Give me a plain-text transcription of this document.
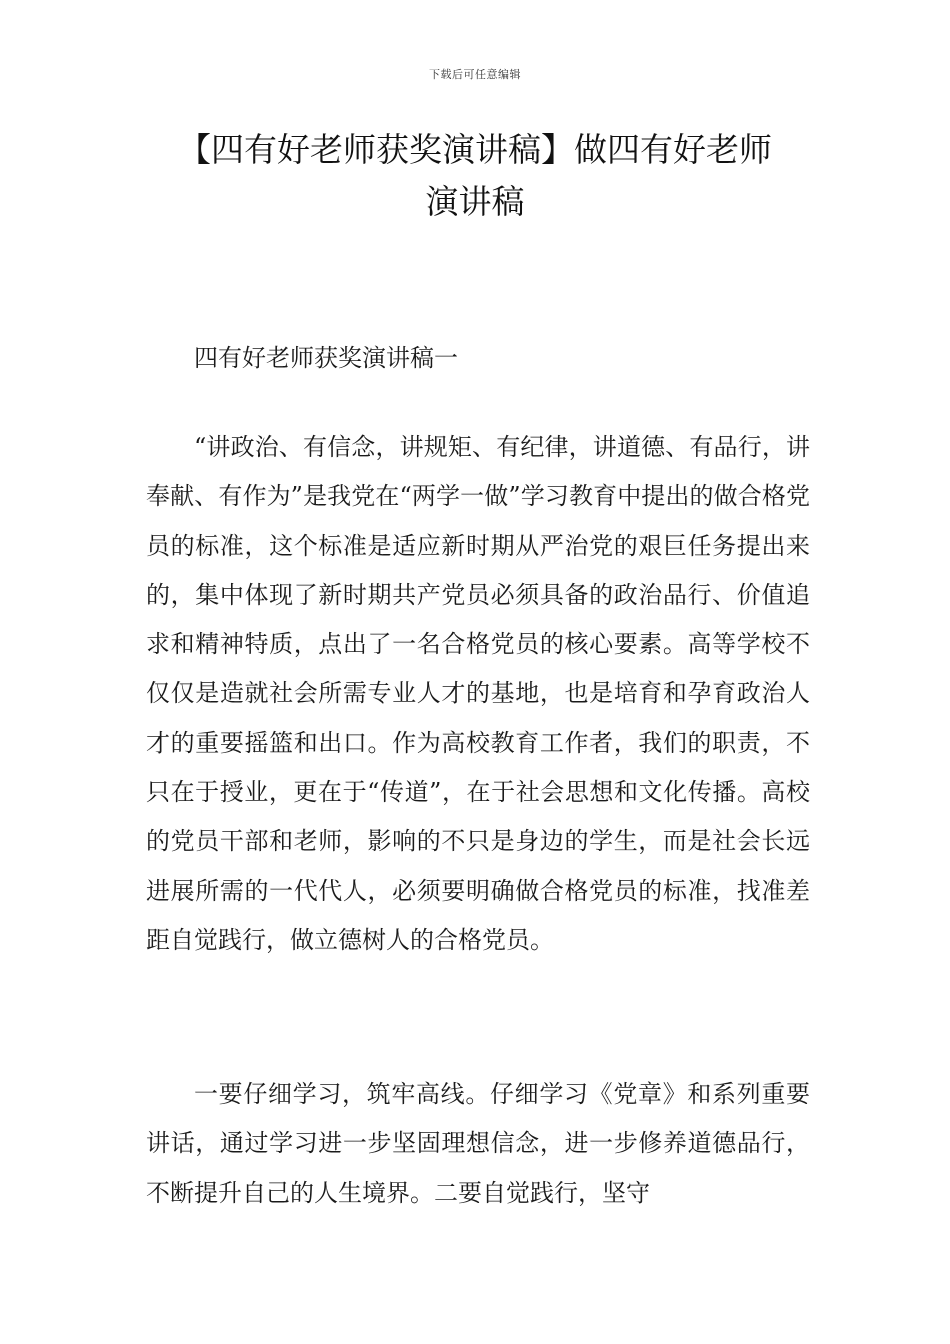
下载后可任意编辑
【四有好老师获奖演讲稿】做四有好老师
演讲稿

四有好老师获奖演讲稿一

“讲政治、有信念，讲规矩、有纪律，讲道德、有品行，讲奉献、有作为”是我党在“两学一做”学习教育中提出的做合格党员的标准，这个标准是适应新时期从严治党的艰巨任务提出来的，集中体现了新时期共产党员必须具备的政治品行、价值追求和精神特质，点出了一名合格党员的核心要素。高等学校不仅仅是造就社会所需专业人才的基地，也是培育和孕育政治人才的重要摇篮和出口。作为高校教育工作者，我们的职责，不只在于授业，更在于“传道”，在于社会思想和文化传播。高校的党员干部和老师，影响的不只是身边的学生，而是社会长远进展所需的一代代人，必须要明确做合格党员的标准，找准差距自觉践行，做立德树人的合格党员。

一要仔细学习，筑牢高线。仔细学习《党章》和系列重要讲话，通过学习进一步坚固理想信念，进一步修养道德品行，不断提升自己的人生境界。二要自觉践行，坚守
